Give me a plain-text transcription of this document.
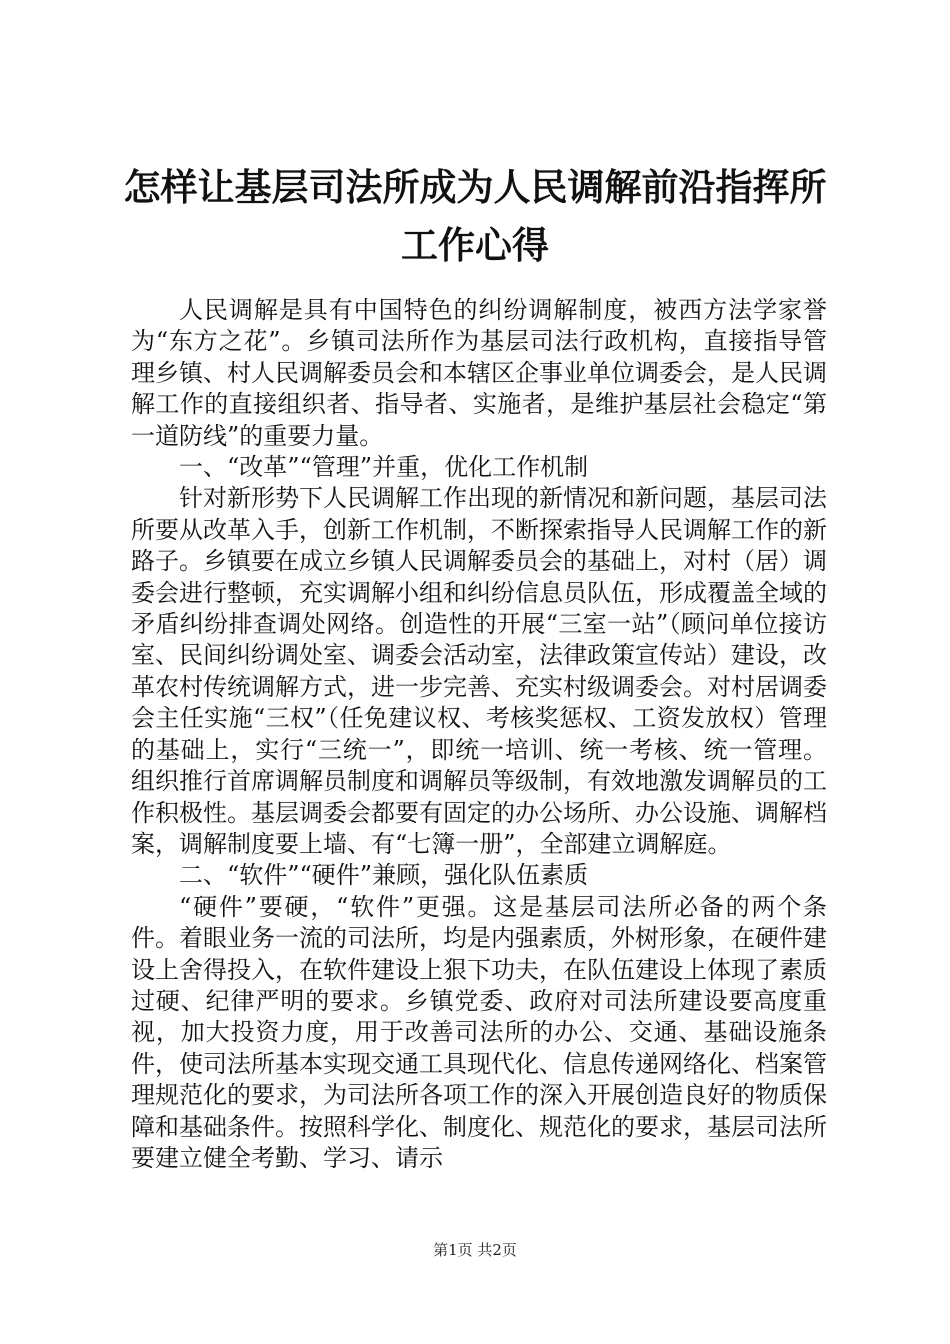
怎样让基层司法所成为人民调解前沿指挥所工作心得

人民调解是具有中国特色的纠纷调解制度，被西方法学家誉为“东方之花”。乡镇司法所作为基层司法行政机构，直接指导管理乡镇、村人民调解委员会和本辖区企事业单位调委会，是人民调解工作的直接组织者、指导者、实施者，是维护基层社会稳定“第一道防线”的重要力量。

一、“改革”“管理”并重，优化工作机制

针对新形势下人民调解工作出现的新情况和新问题，基层司法所要从改革入手，创新工作机制，不断探索指导人民调解工作的新路子。乡镇要在成立乡镇人民调解委员会的基础上，对村（居）调委会进行整顿，充实调解小组和纠纷信息员队伍，形成覆盖全域的矛盾纠纷排查调处网络。创造性的开展“三室一站”（顾问单位接访室、民间纠纷调处室、调委会活动室，法律政策宣传站）建设，改革农村传统调解方式，进一步完善、充实村级调委会。对村居调委会主任实施“三权”（任免建议权、考核奖惩权、工资发放权）管理的基础上，实行“三统一”，即统一培训、统一考核、统一管理。组织推行首席调解员制度和调解员等级制，有效地激发调解员的工作积极性。基层调委会都要有固定的办公场所、办公设施、调解档案，调解制度要上墙、有“七簿一册”，全部建立调解庭。

二、“软件”“硬件”兼顾，强化队伍素质

“硬件”要硬，“软件”更强。这是基层司法所必备的两个条件。着眼业务一流的司法所，均是内强素质，外树形象，在硬件建设上舍得投入，在软件建设上狠下功夫，在队伍建设上体现了素质过硬、纪律严明的要求。乡镇党委、政府对司法所建设要高度重视，加大投资力度，用于改善司法所的办公、交通、基础设施条件，使司法所基本实现交通工具现代化、信息传递网络化、档案管理规范化的要求，为司法所各项工作的深入开展创造良好的物质保障和基础条件。按照科学化、制度化、规范化的要求，基层司法所要建立健全考勤、学习、请示

第1页 共2页
